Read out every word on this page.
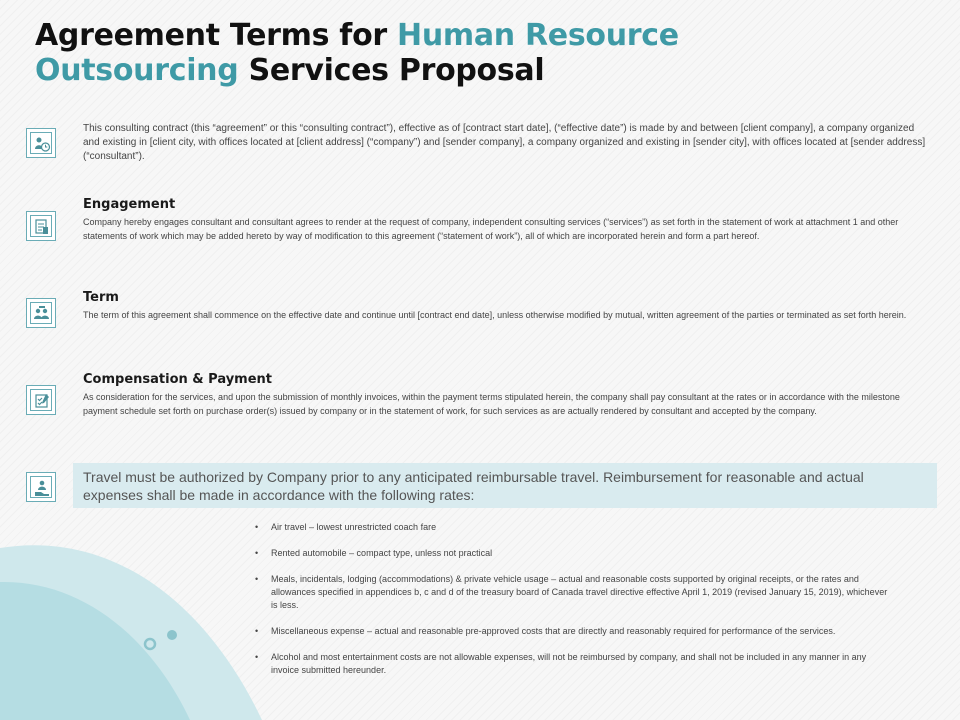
Agreement Terms for Human Resource
Outsourcing Services Proposal

This consulting contract (this “agreement” or this “consulting contract”), effective as of [contract start date], (“effective date”) is made by and between [client company], a company organized and existing in [client city, with offices located at [client address] (“company”) and [sender company], a company organized and existing in [sender city], with offices located at [sender address] (“consultant”).

Engagement

Company hereby engages consultant and consultant agrees to render at the request of company, independent consulting services (“services”) as set forth in the statement of work at attachment 1 and other statements of work which may be added hereto by way of modification to this agreement (“statement of work”), all of which are incorporated herein and form a part hereof.

Term

The term of this agreement shall commence on the effective date and continue until [contract end date], unless otherwise modified by mutual, written agreement of the parties or terminated as set forth herein.

Compensation & Payment

As consideration for the services, and upon the submission of monthly invoices, within the payment terms stipulated herein, the company shall pay consultant at the rates or in accordance with the milestone payment schedule set forth on purchase order(s) issued by company or in the statement of work, for such services as are actually rendered by consultant and accepted by the company.

Travel must be authorized by Company prior to any anticipated reimbursable travel. Reimbursement for reasonable and actual expenses shall be made in accordance with the following rates:
• Air travel – lowest unrestricted coach fare
• Rented automobile – compact type, unless not practical
• Meals, incidentals, lodging (accommodations) & private vehicle usage – actual and reasonable costs supported by original receipts, or the rates and allowances specified in appendices b, c and d of the treasury board of Canada travel directive effective April 1, 2019 (revised January 15, 2019), whichever is less.
• Miscellaneous expense – actual and reasonable pre-approved costs that are directly and reasonably required for performance of the services.
• Alcohol and most entertainment costs are not allowable expenses, will not be reimbursed by company, and shall not be included in any manner in any invoice submitted hereunder.
